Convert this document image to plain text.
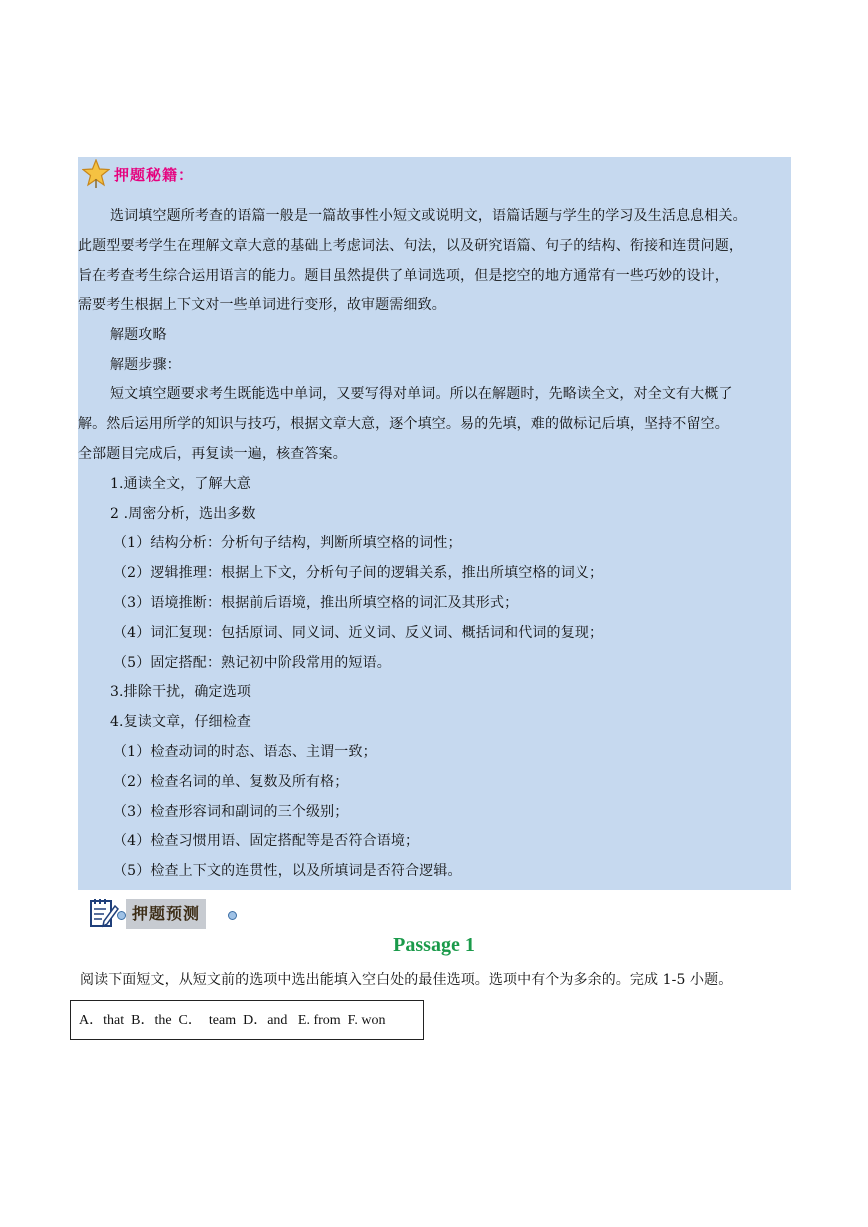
押题秘籍：
选词填空题所考查的语篇一般是一篇故事性小短文或说明文，语篇话题与学生的学习及生活息息相关。
此题型要考学生在理解文章大意的基础上考虑词法、句法，以及研究语篇、句子的结构、衔接和连贯问题，
旨在考查考生综合运用语言的能力。题目虽然提供了单词选项，但是挖空的地方通常有一些巧妙的设计，
需要考生根据上下文对一些单词进行变形，故审题需细致。
解题攻略
解题步骤：
短文填空题要求考生既能选中单词，又要写得对单词。所以在解题时，先略读全文，对全文有大概了
解。然后运用所学的知识与技巧，根据文章大意，逐个填空。易的先填，难的做标记后填，坚持不留空。
全部题目完成后，再复读一遍，核查答案。
1.通读全文，了解大意
2 .周密分析，选出多数
（1）结构分析：分析句子结构，判断所填空格的词性；
（2）逻辑推理：根据上下文，分析句子间的逻辑关系，推出所填空格的词义；
（3）语境推断：根据前后语境，推出所填空格的词汇及其形式；
（4）词汇复现：包括原词、同义词、近义词、反义词、概括词和代词的复现；
（5）固定搭配：熟记初中阶段常用的短语。
3.排除干扰，确定选项
4.复读文章，仔细检查
（1）检查动词的时态、语态、主谓一致；
（2）检查名词的单、复数及所有格；
（3）检查形容词和副词的三个级别；
（4）检查习惯用语、固定搭配等是否符合语境；
（5）检查上下文的连贯性，以及所填词是否符合逻辑。
押题预测
Passage 1
阅读下面短文，从短文前的选项中选出能填入空白处的最佳选项。选项中有个为多余的。完成 1-5 小题。
A．that  B．the  C．  team  D．and   E. from  F. won
